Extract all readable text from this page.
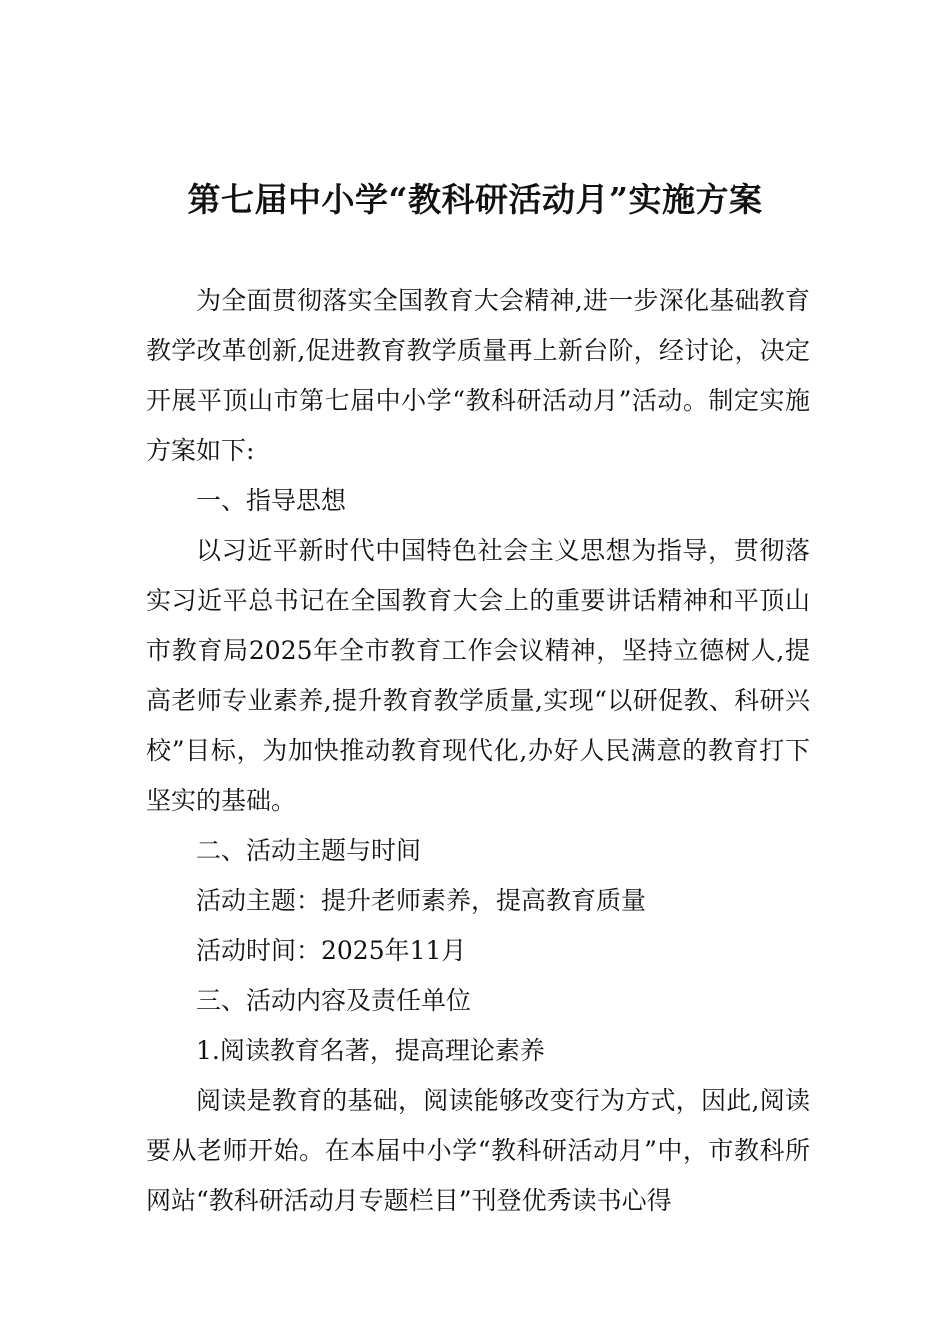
第七届中小学“教科研活动月”实施方案

为全面贯彻落实全国教育大会精神,进一步深化基础教育教学改革创新,促进教育教学质量再上新台阶，经讨论，决定开展平顶山市第七届中小学“教科研活动月”活动。制定实施方案如下:

一、指导思想

以习近平新时代中国特色社会主义思想为指导，贯彻落实习近平总书记在全国教育大会上的重要讲话精神和平顶山市教育局2025年全市教育工作会议精神，坚持立德树人,提高老师专业素养,提升教育教学质量,实现“以研促教、科研兴校”目标，为加快推动教育现代化,办好人民满意的教育打下坚实的基础。

二、活动主题与时间

活动主题：提升老师素养，提高教育质量

活动时间：2025年11月

三、活动内容及责任单位

1.阅读教育名著，提高理论素养

阅读是教育的基础，阅读能够改变行为方式，因此,阅读要从老师开始。在本届中小学“教科研活动月”中，市教科所网站“教科研活动月专题栏目”刊登优秀读书心得
